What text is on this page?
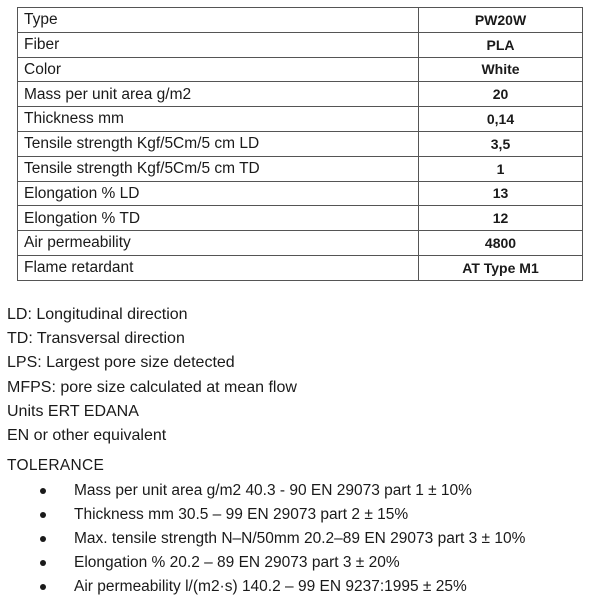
Type	PW20W
Fiber	PLA
Color	White
Mass per unit area g/m2	20
Thickness mm	0,14
Tensile strength Kgf/5Cm/5 cm LD	3,5
Tensile strength Kgf/5Cm/5 cm TD	1
Elongation % LD	13
Elongation % TD	12
Air permeability	4800
Flame retardant	AT Type M1
LD: Longitudinal direction
TD: Transversal direction
LPS: Largest pore size detected
MFPS: pore size calculated at mean flow
Units ERT EDANA
EN or other equivalent
TOLERANCE
Mass per unit area g/m2 40.3 - 90 EN 29073 part 1 ± 10%
Thickness mm 30.5 – 99 EN 29073 part 2 ± 15%
Max. tensile strength N–N/50mm 20.2–89 EN 29073 part 3 ± 10%
Elongation % 20.2 – 89 EN 29073 part 3 ± 20%
Air permeability l/(m2·s) 140.2 – 99 EN 9237:1995 ± 25%
